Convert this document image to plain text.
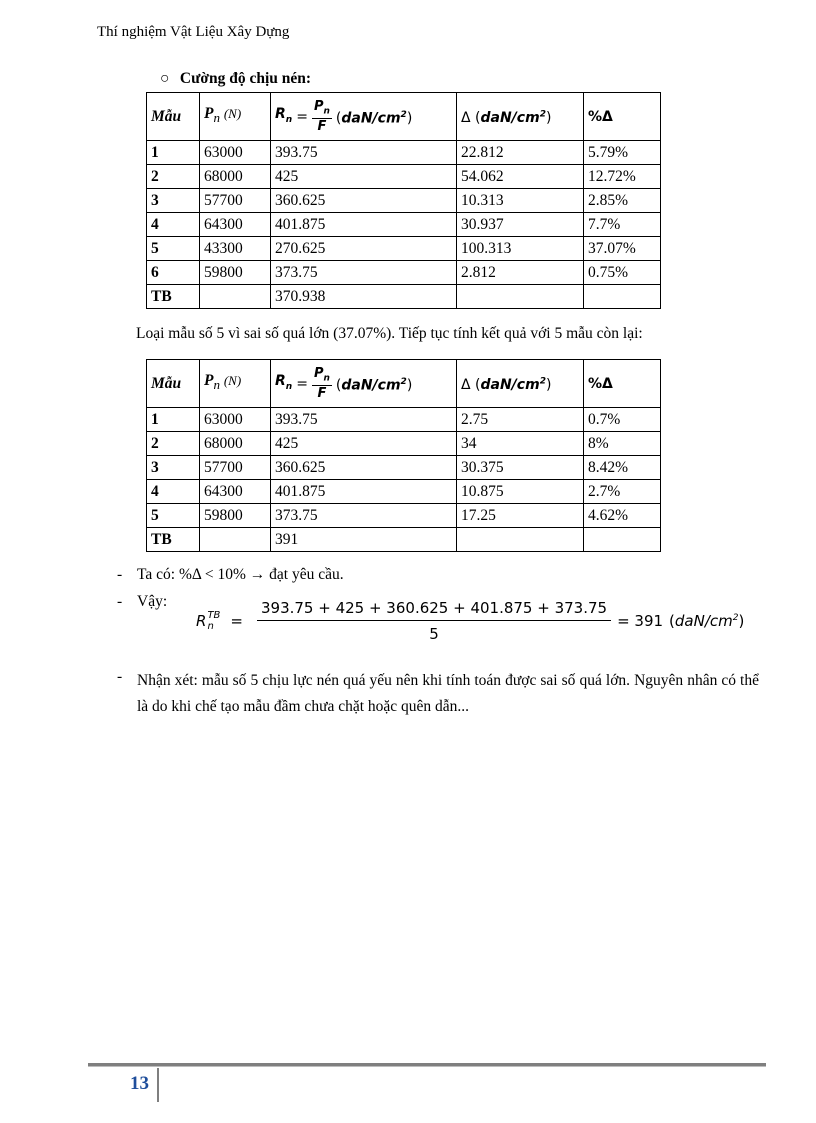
Thí nghiệm Vật Liệu Xây Dựng
○ Cường độ chịu nén:
Mẫu	$P_n$ (N)	$R_n = \frac{P_n}{F} (daN/cm^2)$	Δ $(daN/cm^2)$	%Δ
1	63000	393.75	22.812	5.79%
2	68000	425	54.062	12.72%
3	57700	360.625	10.313	2.85%
4	64300	401.875	30.937	7.7%
5	43300	270.625	100.313	37.07%
6	59800	373.75	2.812	0.75%
TB		370.938		
Loại mẫu số 5 vì sai số quá lớn (37.07%). Tiếp tục tính kết quả với 5 mẫu còn lại:
Mẫu	$P_n$ (N)	$R_n = \frac{P_n}{F} (daN/cm^2)$	Δ $(daN/cm^2)$	%Δ
1	63000	393.75	2.75	0.7%
2	68000	425	34	8%
3	57700	360.625	30.375	8.42%
4	64300	401.875	10.875	2.7%
5	59800	373.75	17.25	4.62%
TB		391		
- Ta có: %Δ < 10% → đạt yêu cầu.
- Vậy:
R TB
n	= $\frac{393.75 + 425 + 360.625 + 401.875 + 373.75}{5} = 391$ $(daN/cm^2)$
- Nhận xét: mẫu số 5 chịu lực nén quá yếu nên khi tính toán được sai số quá lớn. Nguyên nhân có thể là do khi chế tạo mẫu đầm chưa chặt hoặc quên dẫn...
13
